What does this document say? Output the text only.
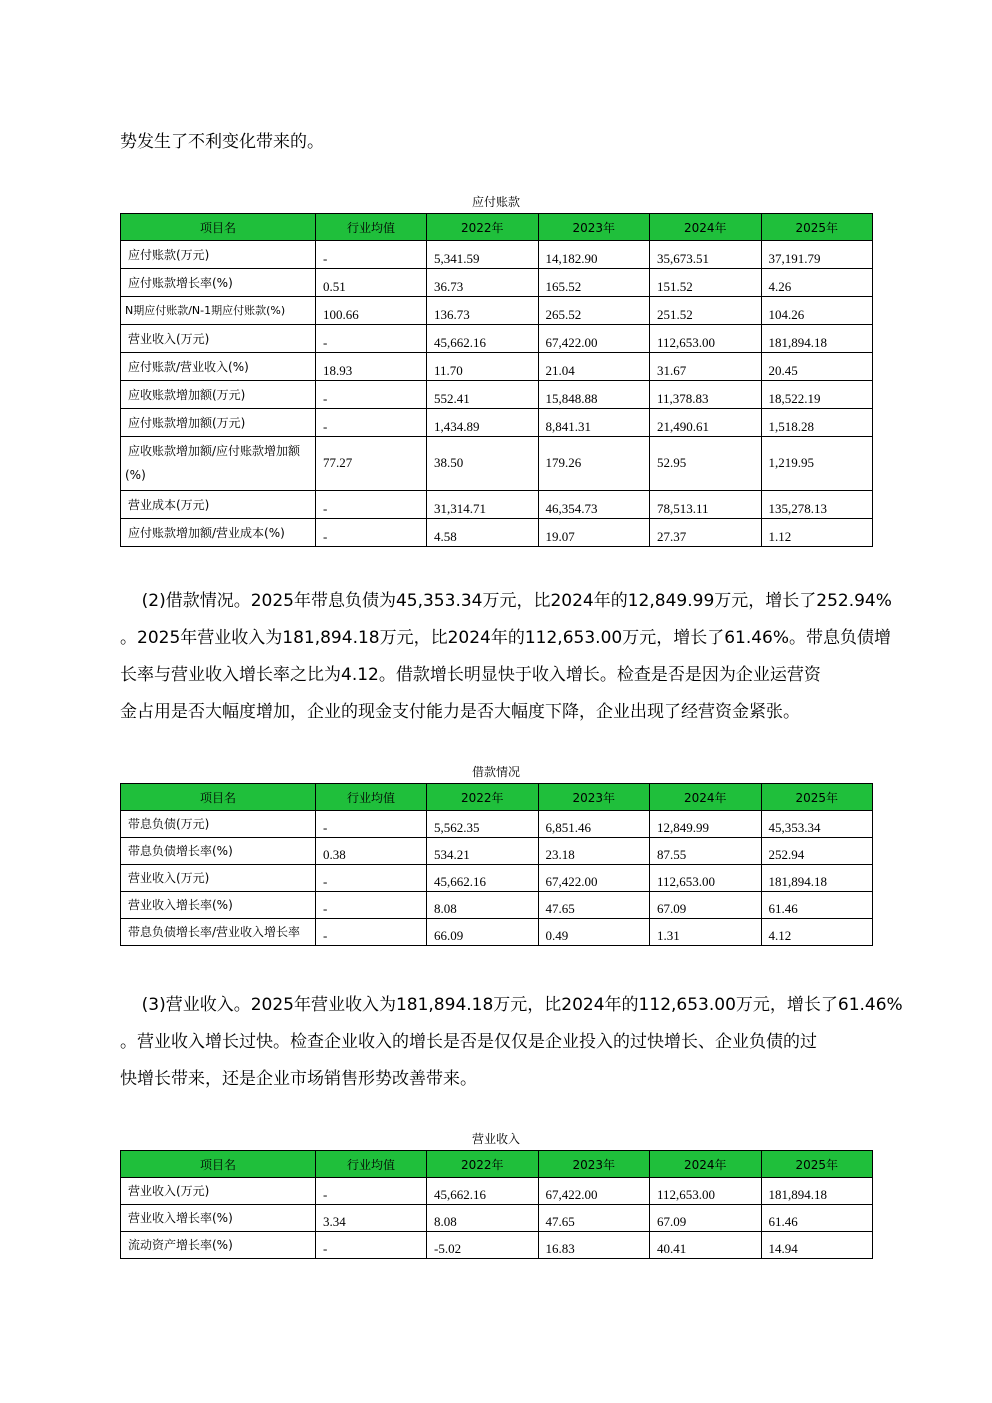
势发生了不利变化带来的。

应付账款
项目名	行业均值	2022年	2023年	2024年	2025年
应付账款(万元)	-	5,341.59	14,182.90	35,673.51	37,191.79
应付账款增长率(%)	0.51	36.73	165.52	151.52	4.26
N期应付账款/N-1期应付账款(%)	100.66	136.73	265.52	251.52	104.26
营业收入(万元)	-	45,662.16	67,422.00	112,653.00	181,894.18
应付账款/营业收入(%)	18.93	11.70	21.04	31.67	20.45
应收账款增加额(万元)	-	552.41	15,848.88	11,378.83	18,522.19
应付账款增加额(万元)	-	1,434.89	8,841.31	21,490.61	1,518.28

应收账款增加额/应付账款增加额
(%)	77.27	38.50	179.26	52.95	1,219.95
营业成本(万元)	-	31,314.71	46,354.73	78,513.11	135,278.13
应付账款增加额/营业成本(%)	-	4.58	19.07	27.37	1.12

(2)借款情况。2025年带息负债为45,353.34万元，比2024年的12,849.99万元，增长了252.94%
。2025年营业收入为181,894.18万元，比2024年的112,653.00万元，增长了61.46%。带息负债增
长率与营业收入增长率之比为4.12。借款增长明显快于收入增长。检查是否是因为企业运营资
金占用是否大幅度增加，企业的现金支付能力是否大幅度下降，企业出现了经营资金紧张。

借款情况
项目名	行业均值	2022年	2023年	2024年	2025年
带息负债(万元)	-	5,562.35	6,851.46	12,849.99	45,353.34
带息负债增长率(%)	0.38	534.21	23.18	87.55	252.94
营业收入(万元)	-	45,662.16	67,422.00	112,653.00	181,894.18
营业收入增长率(%)	-	8.08	47.65	67.09	61.46
带息负债增长率/营业收入增长率	-	66.09	0.49	1.31	4.12

(3)营业收入。2025年营业收入为181,894.18万元，比2024年的112,653.00万元，增长了61.46%
。营业收入增长过快。检查企业收入的增长是否是仅仅是企业投入的过快增长、企业负债的过
快增长带来，还是企业市场销售形势改善带来。

营业收入
项目名	行业均值	2022年	2023年	2024年	2025年
营业收入(万元)	-	45,662.16	67,422.00	112,653.00	181,894.18
营业收入增长率(%)	3.34	8.08	47.65	67.09	61.46
流动资产增长率(%)	-	-5.02	16.83	40.41	14.94
